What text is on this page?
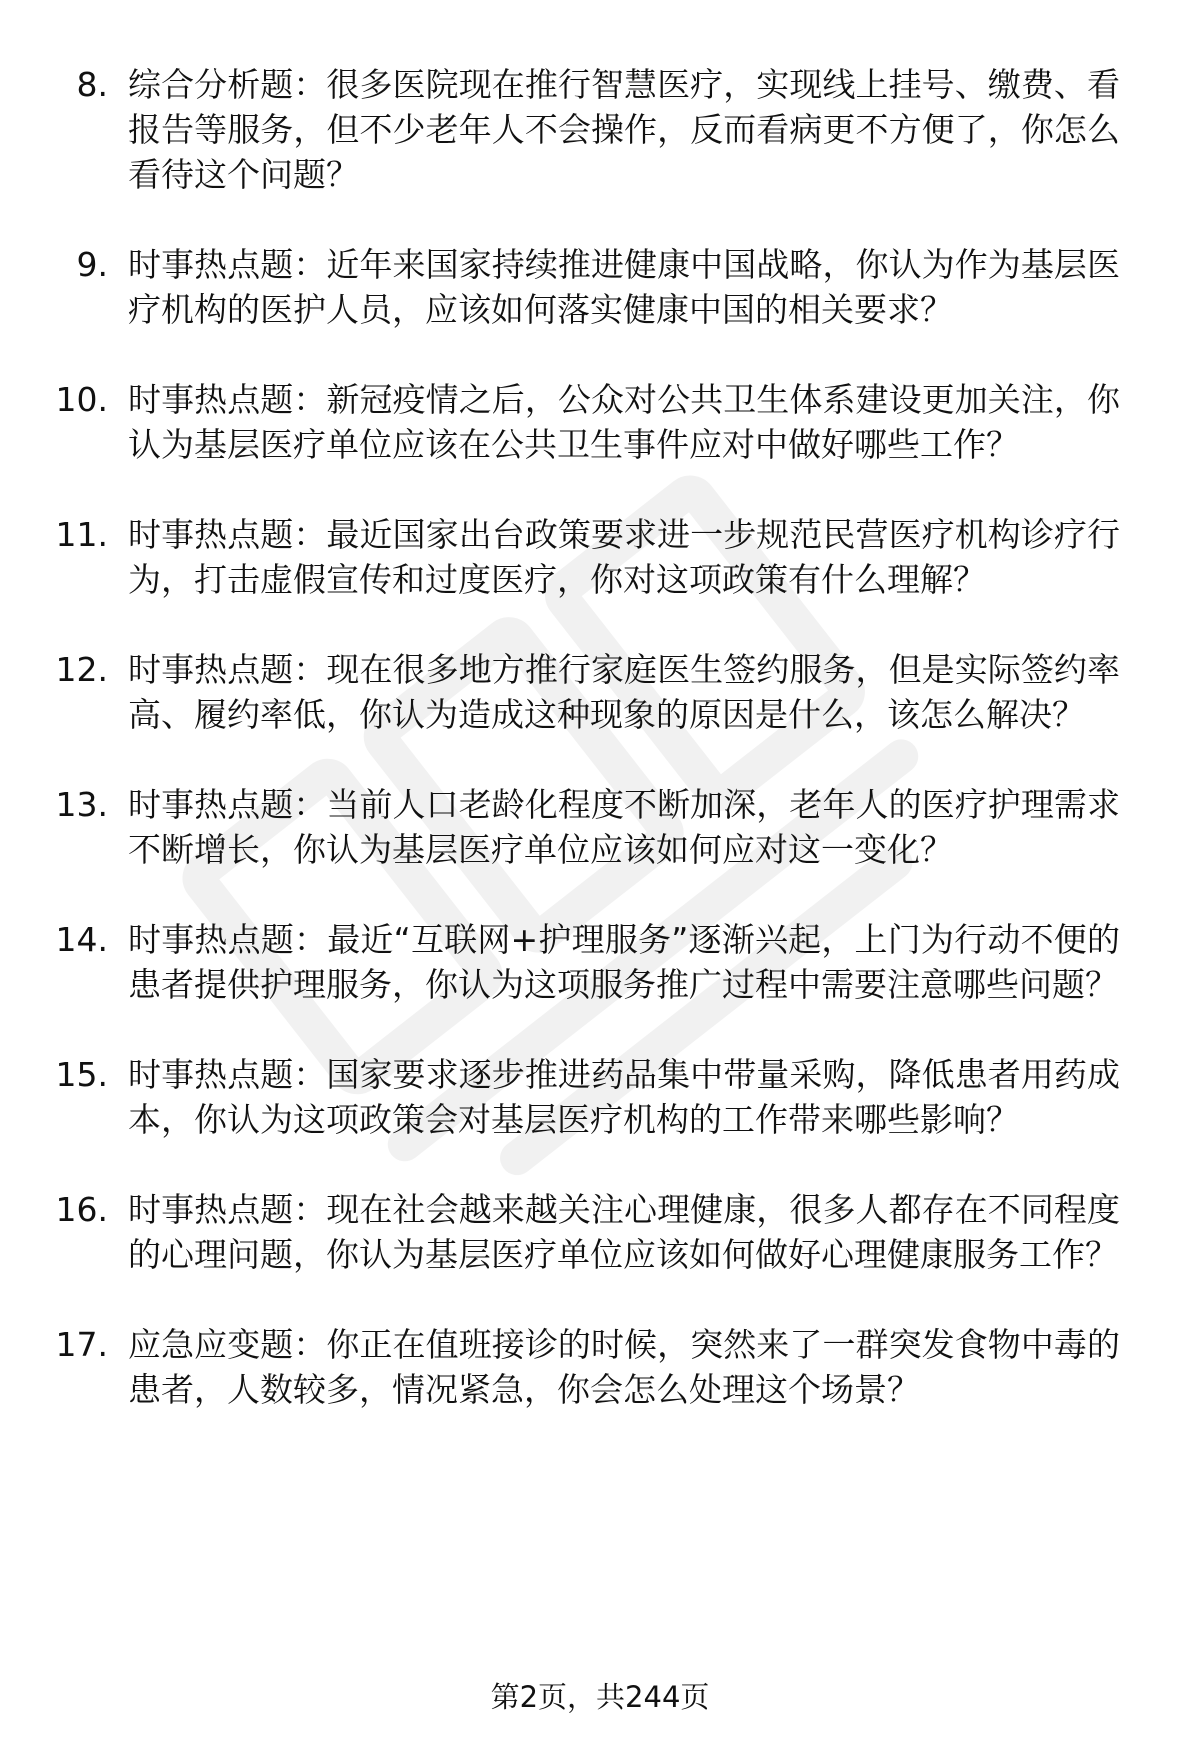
8. 综合分析题：很多医院现在推行智慧医疗，实现线上挂号、缴费、看报告等服务，但不少老年人不会操作，反而看病更不方便了，你怎么看待这个问题？
9. 时事热点题：近年来国家持续推进健康中国战略，你认为作为基层医疗机构的医护人员，应该如何落实健康中国的相关要求？
10. 时事热点题：新冠疫情之后，公众对公共卫生体系建设更加关注，你认为基层医疗单位应该在公共卫生事件应对中做好哪些工作？
11. 时事热点题：最近国家出台政策要求进一步规范民营医疗机构诊疗行为，打击虚假宣传和过度医疗，你对这项政策有什么理解？
12. 时事热点题：现在很多地方推行家庭医生签约服务，但是实际签约率高、履约率低，你认为造成这种现象的原因是什么，该怎么解决？
13. 时事热点题：当前人口老龄化程度不断加深，老年人的医疗护理需求不断增长，你认为基层医疗单位应该如何应对这一变化？
14. 时事热点题：最近“互联网+护理服务”逐渐兴起，上门为行动不便的患者提供护理服务，你认为这项服务推广过程中需要注意哪些问题？
15. 时事热点题：国家要求逐步推进药品集中带量采购，降低患者用药成本，你认为这项政策会对基层医疗机构的工作带来哪些影响？
16. 时事热点题：现在社会越来越关注心理健康，很多人都存在不同程度的心理问题，你认为基层医疗单位应该如何做好心理健康服务工作？
17. 应急应变题：你正在值班接诊的时候，突然来了一群突发食物中毒的患者，人数较多，情况紧急，你会怎么处理这个场景？
第2页，共244页
